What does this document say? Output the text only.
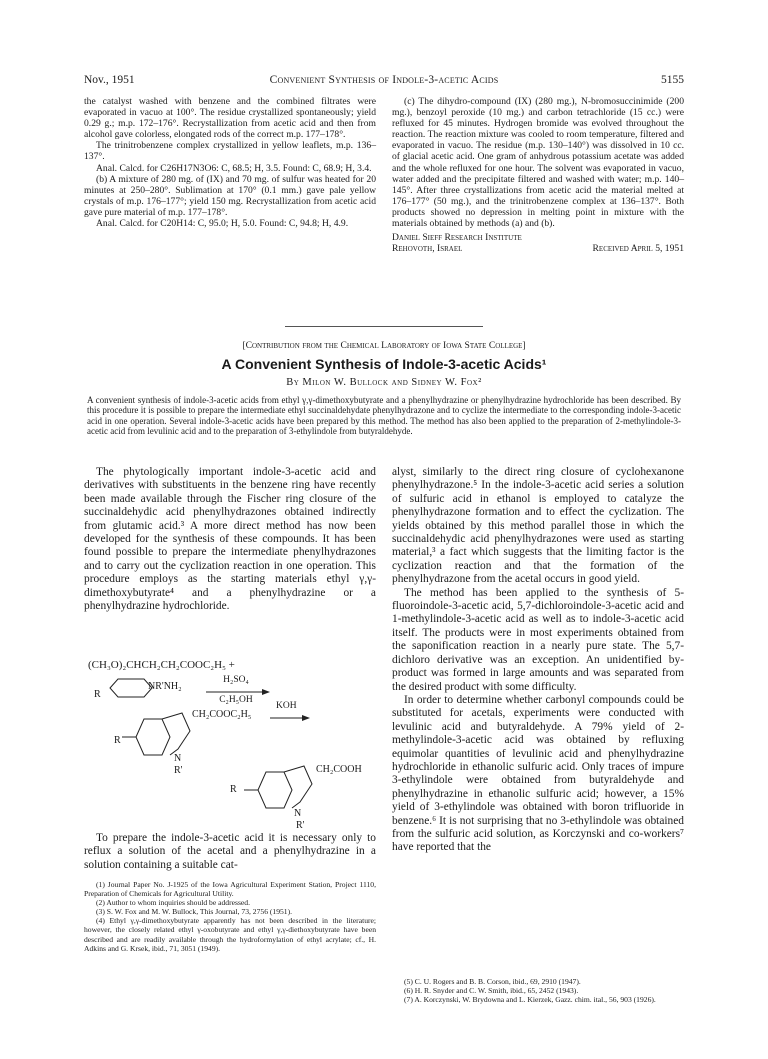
Nov., 1951	Convenient Synthesis of Indole-3-acetic Acids	5155

the catalyst washed with benzene and the combined filtrates were evaporated in vacuo at 100°. The residue crystallized spontaneously; yield 0.29 g.; m.p. 172–176°. Recrystallization from acetic acid and then from alcohol gave colorless, elongated rods of the correct m.p. 177–178°.

The trinitrobenzene complex crystallized in yellow leaflets, m.p. 136–137°.

Anal. Calcd. for C26H17N3O6: C, 68.5; H, 3.5. Found: C, 68.9; H, 3.4.

(b) A mixture of 280 mg. of (IX) and 70 mg. of sulfur was heated for 20 minutes at 250–280°. Sublimation at 170° (0.1 mm.) gave pale yellow crystals of m.p. 176–177°; yield 150 mg. Recrystallization from acetic acid gave pure material of m.p. 177–178°.

Anal. Calcd. for C20H14: C, 95.0; H, 5.0. Found: C, 94.8; H, 4.9.

(c) The dihydro-compound (IX) (280 mg.), N-bromosuccinimide (200 mg.), benzoyl peroxide (10 mg.) and carbon tetrachloride (15 cc.) were refluxed for 45 minutes. Hydrogen bromide was evolved throughout the reaction. The reaction mixture was cooled to room temperature, filtered and evaporated in vacuo. The residue (m.p. 130–140°) was dissolved in 10 cc. of glacial acetic acid. One gram of anhydrous potassium acetate was added and the whole refluxed for one hour. The solvent was evaporated in vacuo, water added and the precipitate filtered and washed with water; m.p. 140–145°. After three crystallizations from acetic acid the material melted at 176–177° (50 mg.), and the trinitrobenzene complex at 136–137°. Both products showed no depression in melting point in mixture with the materials obtained by methods (a) and (b).

Daniel Sieff Research Institute

Rehovoth, Israel	Received April 5, 1951

[Contribution from the Chemical Laboratory of Iowa State College]
A Convenient Synthesis of Indole-3-acetic Acids¹
By Milon W. Bullock and Sidney W. Fox²
A convenient synthesis of indole-3-acetic acids from ethyl γ,γ-dimethoxybutyrate and a phenylhydrazine or phenylhydrazine hydrochloride has been described. By this procedure it is possible to prepare the intermediate ethyl succinaldehydate phenylhydrazone and to cyclize the intermediate to the corresponding indole-3-acetic acid in one operation. Several indole-3-acetic acids have been prepared by this method. The method has also been applied to the preparation of 2-methylindole-3-acetic acid from levulinic acid and to the preparation of 3-ethylindole from butyraldehyde.

The phytologically important indole-3-acetic acid and derivatives with substituents in the benzene ring have recently been made available through the Fischer ring closure of the succinaldehydic acid phenylhydrazones obtained indirectly from glutamic acid.³ A more direct method has now been developed for the synthesis of these compounds. It has been found possible to prepare the intermediate phenylhydrazones and to carry out the cyclization reaction in one operation. This procedure employs as the starting materials ethyl γ,γ-dimethoxybutyrate⁴ and a phenylhydrazine or a phenylhydrazine hydrochloride.

(CH₃O)₂CHCH₂CH₂COOC₂H₅ +
R
NR'NH₂
H₂SO₄
C₂H₅OH
R
CH₂COOC₂H₅
KOH
N
R'
R
CH₂COOH
N
R'

To prepare the indole-3-acetic acid it is necessary only to reflux a solution of the acetal and a phenylhydrazine in a solution containing a suitable cat-

(1) Journal Paper No. J-1925 of the Iowa Agricultural Experiment Station, Project 1110, Preparation of Chemicals for Agricultural Utility.

(2) Author to whom inquiries should be addressed.

(3) S. W. Fox and M. W. Bullock, This Journal, 73, 2756 (1951).

(4) Ethyl γ,γ-dimethoxybutyrate apparently has not been described in the literature; however, the closely related ethyl γ-oxobutyrate and ethyl γ,γ-diethoxybutyrate have been described and are readily available through the hydroformylation of ethyl acrylate; cf., H. Adkins and G. Krsek, ibid., 71, 3051 (1949).

alyst, similarly to the direct ring closure of cyclohexanone phenylhydrazone.⁵ In the indole-3-acetic acid series a solution of sulfuric acid in ethanol is employed to catalyze the phenylhydrazone formation and to effect the cyclization. The yields obtained by this method parallel those in which the succinaldehydic acid phenylhydrazones were used as starting material,³ a fact which suggests that the limiting factor is the cyclization reaction and that the formation of the phenylhydrazone from the acetal occurs in good yield.

The method has been applied to the synthesis of 5-fluoroindole-3-acetic acid, 5,7-dichloroindole-3-acetic acid and 1-methylindole-3-acetic acid as well as to indole-3-acetic acid itself. The products were in most experiments obtained from the saponification reaction in a nearly pure state. The 5,7-dichloro derivative was an exception. An unidentified by-product was formed in large amounts and was separated from the desired product with some difficulty.

In order to determine whether carbonyl compounds could be substituted for acetals, experiments were conducted with levulinic acid and butyraldehyde. A 79% yield of 2-methylindole-3-acetic acid was obtained by refluxing equimolar quantities of levulinic acid and phenylhydrazine hydrochloride in ethanolic sulfuric acid. Only traces of impure 3-ethylindole were obtained from butyraldehyde and phenylhydrazine in ethanolic sulfuric acid; however, a 15% yield of 3-ethylindole was obtained with boron trifluoride in benzene.⁶ It is not surprising that no 3-ethylindole was obtained from the sulfuric acid solution, as Korczynski and co-workers⁷ have reported that the

(5) C. U. Rogers and B. B. Corson, ibid., 69, 2910 (1947).

(6) H. R. Snyder and C. W. Smith, ibid., 65, 2452 (1943).

(7) A. Korczynski, W. Brydowna and L. Kierzek, Gazz. chim. ital., 56, 903 (1926).
